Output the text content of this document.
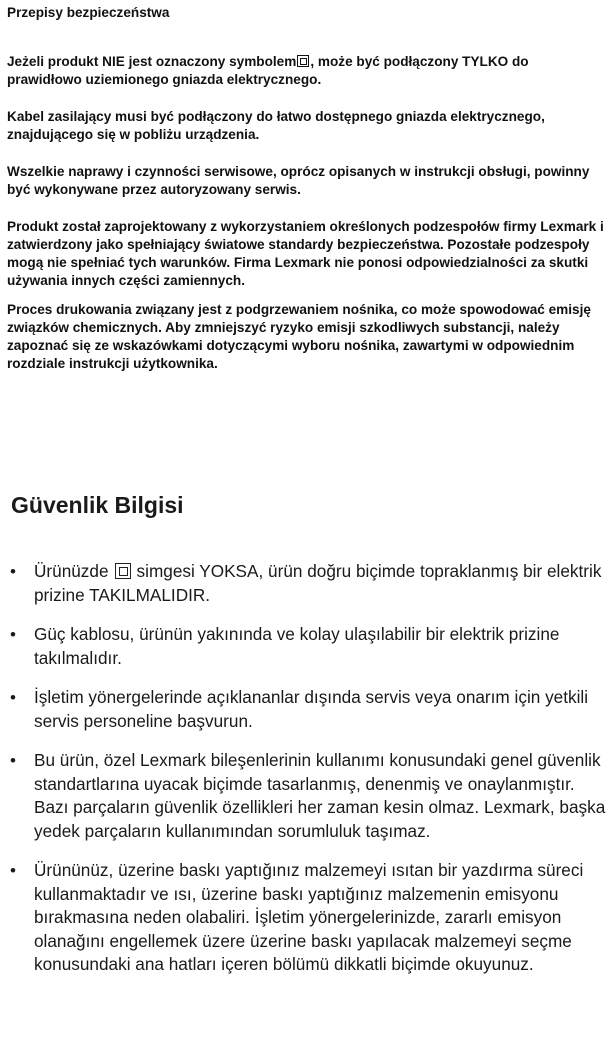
Przepisy bezpieczeństwa

Jeżeli produkt NIE jest oznaczony symbolem , może być podłączony TYLKO do prawidłowo uziemionego gniazda elektrycznego.

Kabel zasilający musi być podłączony do łatwo dostępnego gniazda elektrycznego, znajdującego się w pobliżu urządzenia.

Wszelkie naprawy i czynności serwisowe, oprócz opisanych w instrukcji obsługi, powinny być wykonywane przez autoryzowany serwis.

Produkt został zaprojektowany z wykorzystaniem określonych podzespołów firmy Lexmark i zatwierdzony jako spełniający światowe standardy bezpieczeństwa. Pozostałe podzespoły mogą nie spełniać tych warunków. Firma Lexmark nie ponosi odpowiedzialności za skutki używania innych części zamiennych.

Proces drukowania związany jest z podgrzewaniem nośnika, co może spowodować emisję związków chemicznych. Aby zmniejszyć ryzyko emisji szkodliwych substancji, należy zapoznać się ze wskazówkami dotyczącymi wyboru nośnika, zawartymi w odpowiednim rozdziale instrukcji użytkownika.

Güvenlik Bilgisi
•	Ürünüzde simgesi YOKSA, ürün doğru biçimde topraklanmış bir elektrik prizine TAKILMALIDIR.
•	Güç kablosu, ürünün yakınında ve kolay ulaşılabilir bir elektrik prizine takılmalıdır.
•	İşletim yönergelerinde açıklananlar dışında servis veya onarım için yetkili servis personeline başvurun.
•	Bu ürün, özel Lexmark bileşenlerinin kullanımı konusundaki genel güvenlik standartlarına uyacak biçimde tasarlanmış, denenmiş ve onaylanmıştır. Bazı parçaların güvenlik özellikleri her zaman kesin olmaz. Lexmark, başka yedek parçaların kullanımından sorumluluk taşımaz.
•	Ürününüz, üzerine baskı yaptığınız malzemeyi ısıtan bir yazdırma süreci kullanmaktadır ve ısı, üzerine baskı yaptığınız malzemenin emisyonu bırakmasına neden olabaliri. İşletim yönergelerinizde, zararlı emisyon olanağını engellemek üzere üzerine baskı yapılacak malzemeyi seçme konusundaki ana hatları içeren bölümü dikkatli biçimde okuyunuz.
